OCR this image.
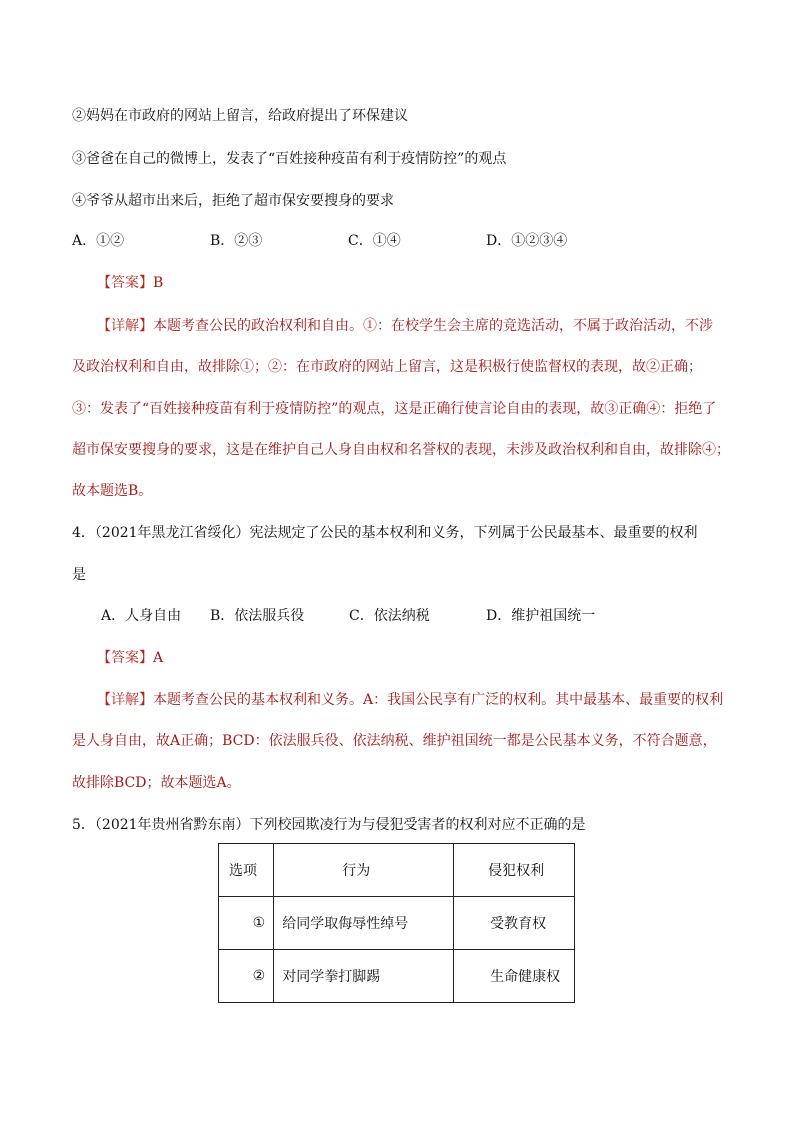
②妈妈在市政府的网站上留言，给政府提出了环保建议
③爸爸在自己的微博上，发表了“百姓接种疫苗有利于疫情防控”的观点
④爷爷从超市出来后，拒绝了超市保安要搜身的要求
A．①②	B．②③	C．①④	D．①②③④
【答案】B
【详解】本题考查公民的政治权利和自由。①：在校学生会主席的竞选活动，不属于政治活动，不涉
及政治权利和自由，故排除①；②：在市政府的网站上留言，这是积极行使监督权的表现，故②正确；
③：发表了“百姓接种疫苗有利于疫情防控”的观点，这是正确行使言论自由的表现，故③正确④：拒绝了
超市保安要搜身的要求，这是在维护自己人身自由权和名誉权的表现，未涉及政治权利和自由，故排除④；
故本题选B。
4．（2021年黑龙江省绥化）宪法规定了公民的基本权利和义务，下列属于公民最基本、最重要的权利
是
A．人身自由 B．依法服兵役	C．依法纳税	D．维护祖国统一
【答案】A
【详解】本题考查公民的基本权利和义务。A：我国公民享有广泛的权利。其中最基本、最重要的权利
是人身自由，故A正确；BCD：依法服兵役、依法纳税、维护祖国统一都是公民基本义务，不符合题意，
故排除BCD；故本题选A。
5．（2021年贵州省黔东南）下列校园欺凌行为与侵犯受害者的权利对应不正确的是
选项	行为	侵犯权利
①	给同学取侮辱性绰号	受教育权
②	对同学拳打脚踢	生命健康权
